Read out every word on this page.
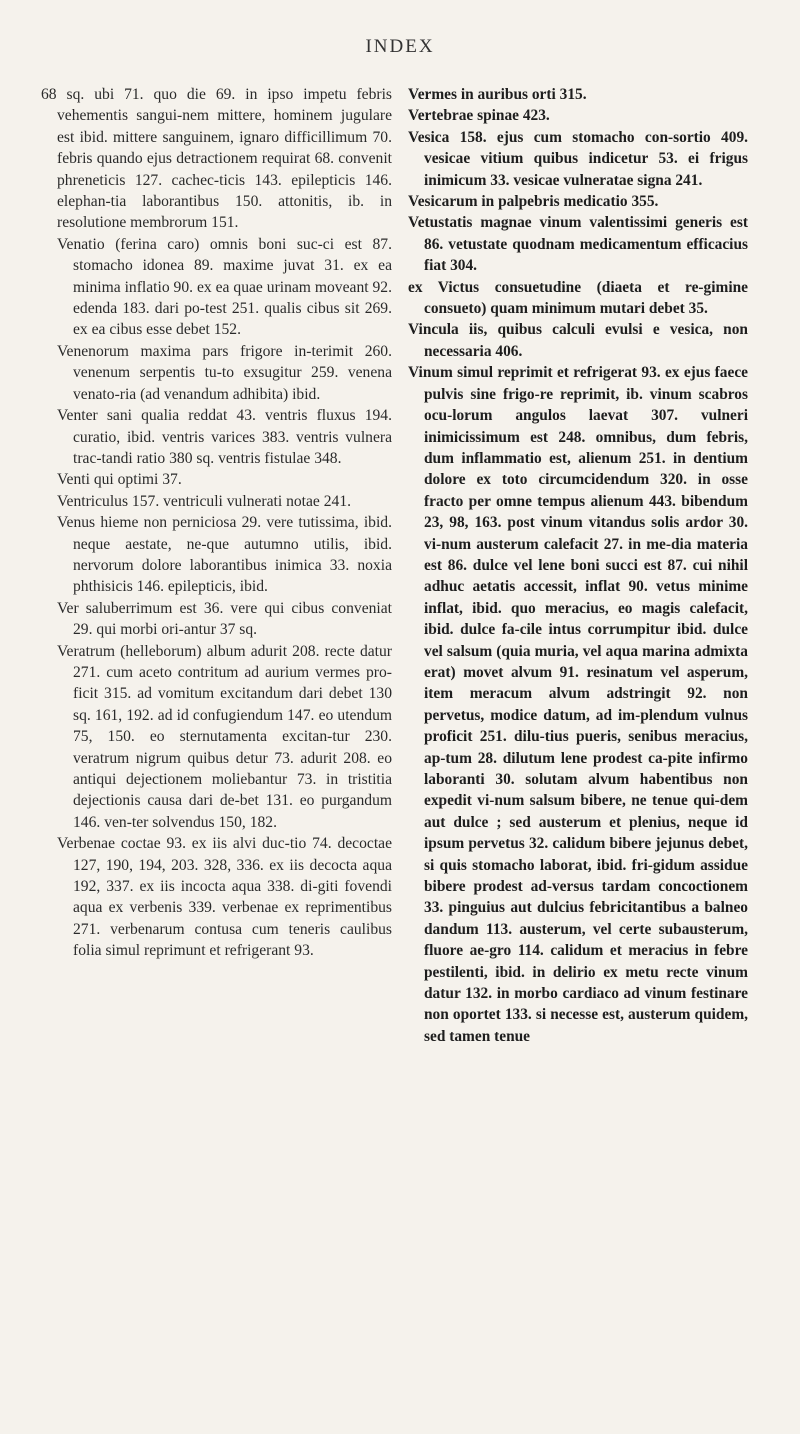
INDEX

68 sq. ubi 71. quo die 69. in ipso impetu febris vehementis sangui-nem mittere, hominem jugulare est ibid. mittere sanguinem, ignaro difficillimum 70. febris quando ejus detractionem requirat 68. convenit phreneticis 127. cachec-ticis 143. epilepticis 146. elephan-tia laborantibus 150. attonitis, ib. in resolutione membrorum 151.

Venatio (ferina caro) omnis boni suc-ci est 87. stomacho idonea 89. maxime juvat 31. ex ea minima inflatio 90. ex ea quae urinam moveant 92. edenda 183. dari po-test 251. qualis cibus sit 269. ex ea cibus esse debet 152.

Venenorum maxima pars frigore in-terimit 260. venenum serpentis tu-to exsugitur 259. venena venato-ria (ad venandum adhibita) ibid.

Venter sani qualia reddat 43. ventris fluxus 194. curatio, ibid. ventris varices 383. ventris vulnera trac-tandi ratio 380 sq. ventris fistulae 348.

Venti qui optimi 37.

Ventriculus 157. ventriculi vulnerati notae 241.

Venus hieme non perniciosa 29. vere tutissima, ibid. neque aestate, ne-que autumno utilis, ibid. nervorum dolore laborantibus inimica 33. noxia phthisicis 146. epilepticis, ibid.

Ver saluberrimum est 36. vere qui cibus conveniat 29. qui morbi ori-antur 37 sq.

Veratrum (helleborum) album adurit 208. recte datur 271. cum aceto contritum ad aurium vermes pro-ficit 315. ad vomitum excitandum dari debet 130 sq. 161, 192. ad id confugiendum 147. eo utendum 75, 150. eo sternutamenta excitan-tur 230. veratrum nigrum quibus detur 73. adurit 208. eo antiqui dejectionem moliebantur 73. in tristitia dejectionis causa dari de-bet 131. eo purgandum 146. ven-ter solvendus 150, 182.

Verbenae coctae 93. ex iis alvi duc-tio 74. decoctae 127, 190, 194, 203. 328, 336. ex iis decocta aqua 192, 337. ex iis incocta aqua 338. di-giti fovendi aqua ex verbenis 339. verbenae ex reprimentibus 271. verbenarum contusa cum teneris caulibus folia simul reprimunt et refrigerant 93.

Vermes in auribus orti 315.

Vertebrae spinae 423.

Vesica 158. ejus cum stomacho con-sortio 409. vesicae vitium quibus indicetur 53. ei frigus inimicum 33. vesicae vulneratae signa 241.

Vesicarum in palpebris medicatio 355.

Vetustatis magnae vinum valentissimi generis est 86. vetustate quodnam medicamentum efficacius fiat 304.

ex Victus consuetudine (diaeta et re-gimine consueto) quam minimum mutari debet 35.

Vincula iis, quibus calculi evulsi e vesica, non necessaria 406.

Vinum simul reprimit et refrigerat 93. ex ejus faece pulvis sine frigo-re reprimit, ib. vinum scabros ocu-lorum angulos laevat 307. vulneri inimicissimum est 248. omnibus, dum febris, dum inflammatio est, alienum 251. in dentium dolore ex toto circumcidendum 320. in osse fracto per omne tempus alienum 443. bibendum 23, 98, 163. post vinum vitandus solis ardor 30. vi-num austerum calefacit 27. in me-dia materia est 86. dulce vel lene boni succi est 87. cui nihil adhuc aetatis accessit, inflat 90. vetus minime inflat, ibid. quo meracius, eo magis calefacit, ibid. dulce fa-cile intus corrumpitur ibid. dulce vel salsum (quia muria, vel aqua marina admixta erat) movet alvum 91. resinatum vel asperum, item meracum alvum adstringit 92. non pervetus, modice datum, ad im-plendum vulnus proficit 251. dilu-tius pueris, senibus meracius, ap-tum 28. dilutum lene prodest ca-pite infirmo laboranti 30. solutam alvum habentibus non expedit vi-num salsum bibere, ne tenue qui-dem aut dulce ; sed austerum et plenius, neque id ipsum pervetus 32. calidum bibere jejunus debet, si quis stomacho laborat, ibid. fri-gidum assidue bibere prodest ad-versus tardam concoctionem 33. pinguius aut dulcius febricitantibus a balneo dandum 113. austerum, vel certe subausterum, fluore ae-gro 114. calidum et meracius in febre pestilenti, ibid. in delirio ex metu recte vinum datur 132. in morbo cardiaco ad vinum festinare non oportet 133. si necesse est, austerum quidem, sed tamen tenue
